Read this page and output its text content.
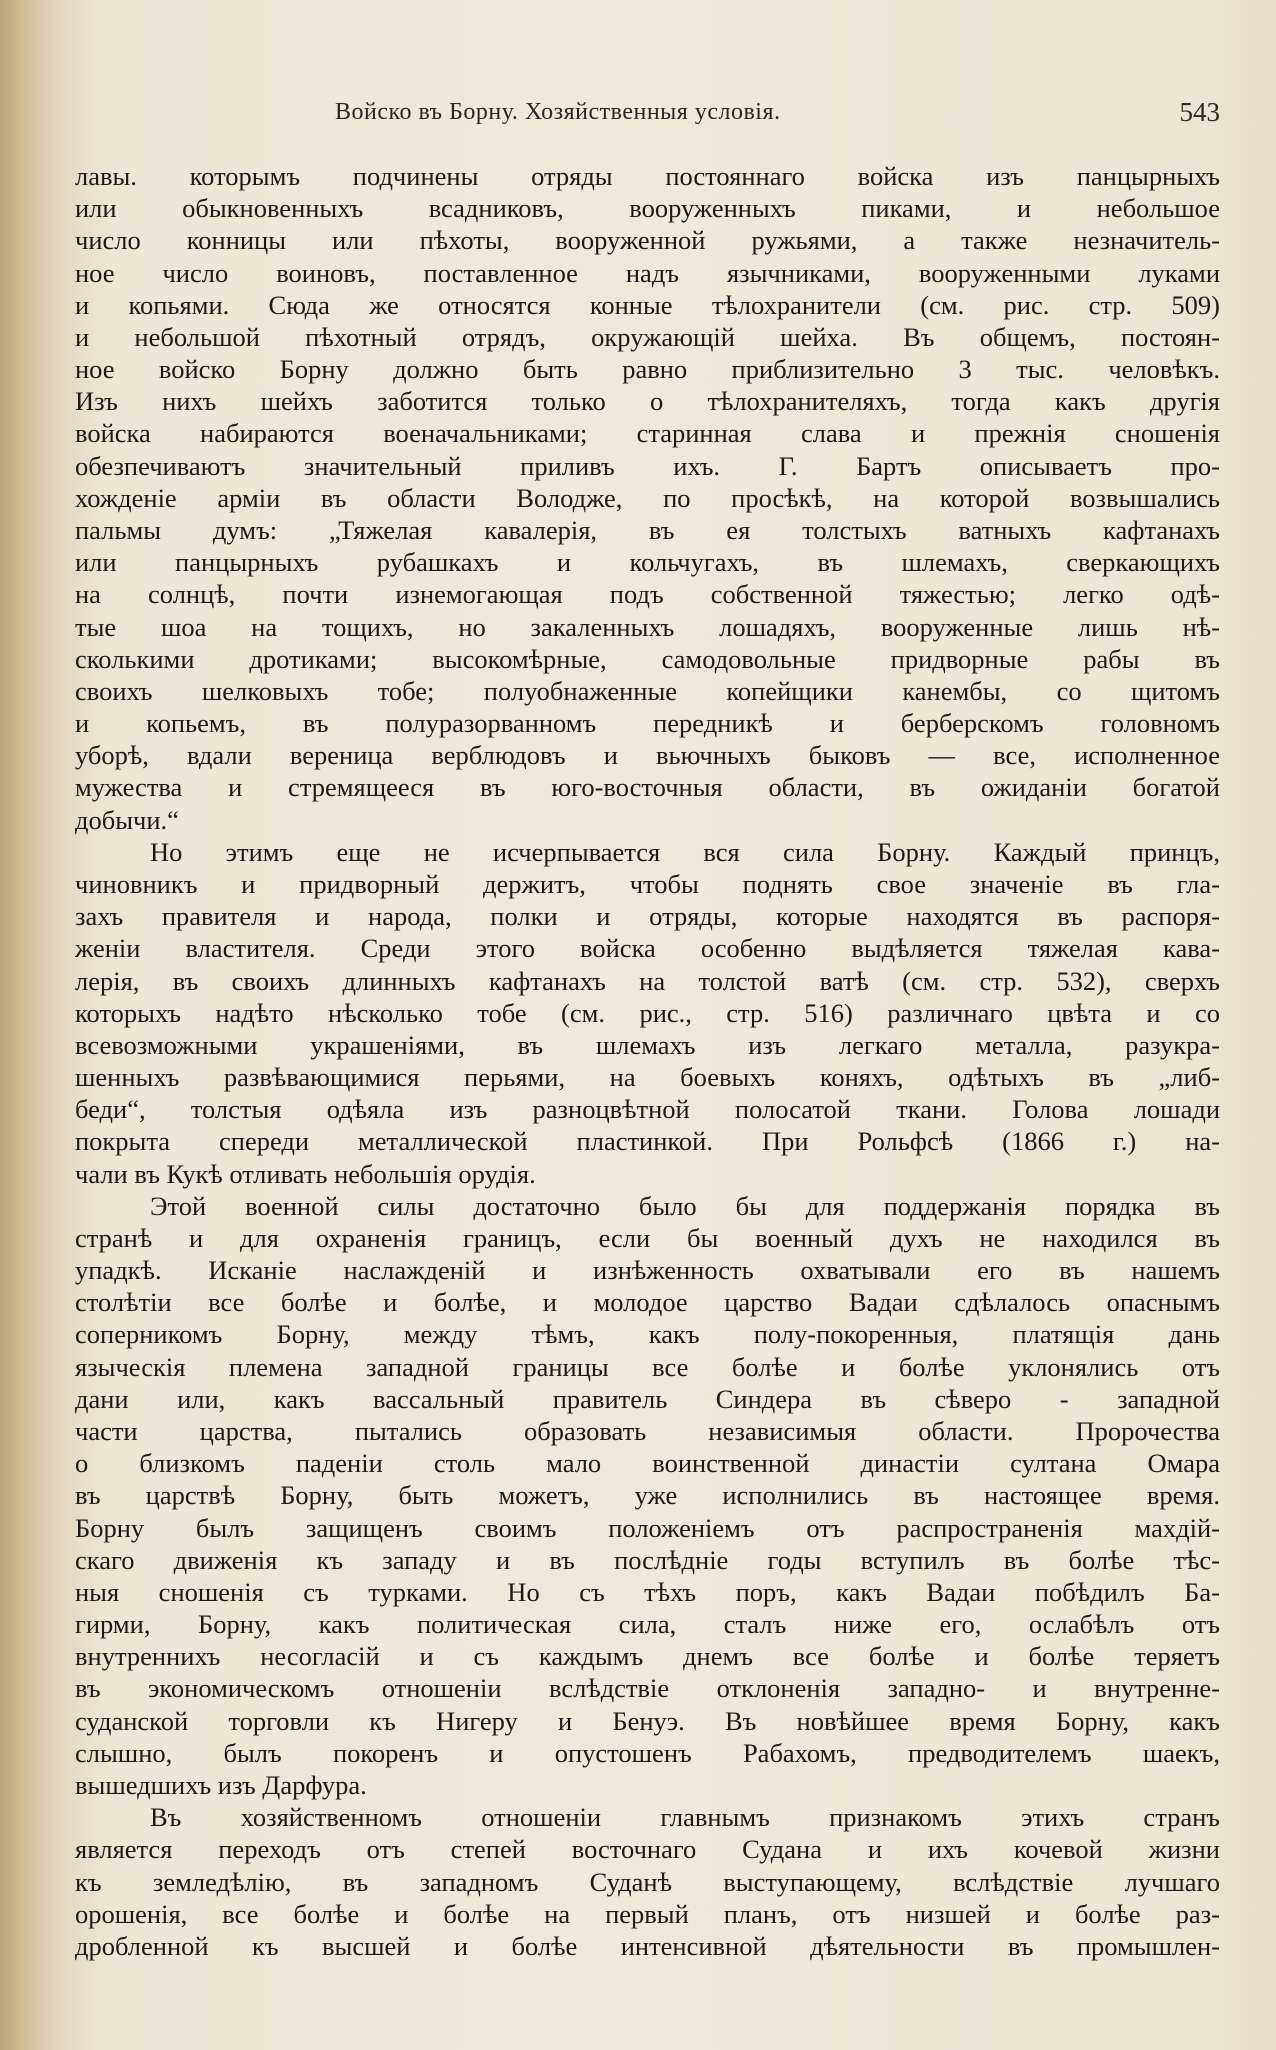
Войско въ Борну. Хозяйственныя условія.	543
лавы. которымъ подчинены отряды постояннаго войска изъ панцырныхъ
или обыкновенныхъ всадниковъ, вооруженныхъ пиками, и небольшое
число конницы или пѣхоты, вооруженной ружьями, а также незначитель-
ное число воиновъ, поставленное надъ язычниками, вооруженными луками
и копьями. Сюда же относятся конные тѣлохранители (см. рис. стр. 509)
и небольшой пѣхотный отрядъ, окружающій шейха. Въ общемъ, постоян-
ное войско Борну должно быть равно приблизительно 3 тыс. человѣкъ.
Изъ нихъ шейхъ заботится только о тѣлохранителяхъ, тогда какъ другія
войска набираются военачальниками; старинная слава и прежнія сношенія
обезпечиваютъ значительный приливъ ихъ. Г. Бартъ описываетъ про-
хожденіе арміи въ области Володже, по просѣкѣ, на которой возвышались
пальмы думъ: „Тяжелая кавалерія, въ ея толстыхъ ватныхъ кафтанахъ
или панцырныхъ рубашкахъ и кольчугахъ, въ шлемахъ, сверкающихъ
на солнцѣ, почти изнемогающая подъ собственной тяжестью; легко одѣ-
тые шоа на тощихъ, но закаленныхъ лошадяхъ, вооруженные лишь нѣ-
сколькими дротиками; высокомѣрные, самодовольные придворные рабы въ
своихъ шелковыхъ тобе; полуобнаженные копейщики канембы, со щитомъ
и копьемъ, въ полуразорванномъ передникѣ и берберскомъ головномъ
уборѣ, вдали вереница верблюдовъ и вьючныхъ быковъ — все, исполненное
мужества и стремящееся въ юго-восточныя области, въ ожиданіи богатой
добычи.“
Но этимъ еще не исчерпывается вся сила Борну. Каждый принцъ,
чиновникъ и придворный держитъ, чтобы поднять свое значеніе въ гла-
захъ правителя и народа, полки и отряды, которые находятся въ распоря-
женіи властителя. Среди этого войска особенно выдѣляется тяжелая кава-
лерія, въ своихъ длинныхъ кафтанахъ на толстой ватѣ (см. стр. 532), сверхъ
которыхъ надѣто нѣсколько тобе (см. рис., стр. 516) различнаго цвѣта и со
всевозможными украшеніями, въ шлемахъ изъ легкаго металла, разукра-
шенныхъ развѣвающимися перьями, на боевыхъ коняхъ, одѣтыхъ въ „либ-
беди“, толстыя одѣяла изъ разноцвѣтной полосатой ткани. Голова лошади
покрыта спереди металлической пластинкой. При Рольфсѣ (1866 г.) на-
чали въ Кукѣ отливать небольшія орудія.
Этой военной силы достаточно было бы для поддержанія порядка въ
странѣ и для охраненія границъ, если бы военный духъ не находился въ
упадкѣ. Исканіе наслажденій и изнѣженность охватывали его въ нашемъ
столѣтіи все болѣе и болѣе, и молодое царство Вадаи сдѣлалось опаснымъ
соперникомъ Борну, между тѣмъ, какъ полу-покоренныя, платящія дань
языческія племена западной границы все болѣе и болѣе уклонялись отъ
дани или, какъ вассальный правитель Синдера въ сѣверо - западной
части царства, пытались образовать независимыя области. Пророчества
о близкомъ паденіи столь мало воинственной династіи султана Омара
въ царствѣ Борну, быть можетъ, уже исполнились въ настоящее время.
Борну былъ защищенъ своимъ положеніемъ отъ распространенія махдій-
скаго движенія къ западу и въ послѣдніе годы вступилъ въ болѣе тѣс-
ныя сношенія съ турками. Но съ тѣхъ поръ, какъ Вадаи побѣдилъ Ба-
гирми, Борну, какъ политическая сила, сталъ ниже его, ослабѣлъ отъ
внутреннихъ несогласій и съ каждымъ днемъ все болѣе и болѣе теряетъ
въ экономическомъ отношеніи вслѣдствіе отклоненія западно- и внутренне-
суданской торговли къ Нигеру и Бенуэ. Въ новѣйшее время Борну, какъ
слышно, былъ покоренъ и опустошенъ Рабахомъ, предводителемъ шаекъ,
вышедшихъ изъ Дарфура.
Въ хозяйственномъ отношеніи главнымъ признакомъ этихъ странъ
является переходъ отъ степей восточнаго Судана и ихъ кочевой жизни
къ земледѣлію, въ западномъ Суданѣ выступающему, вслѣдствіе лучшаго
орошенія, все болѣе и болѣе на первый планъ, отъ низшей и болѣе раз-
дробленной къ высшей и болѣе интенсивной дѣятельности въ промышлен-
